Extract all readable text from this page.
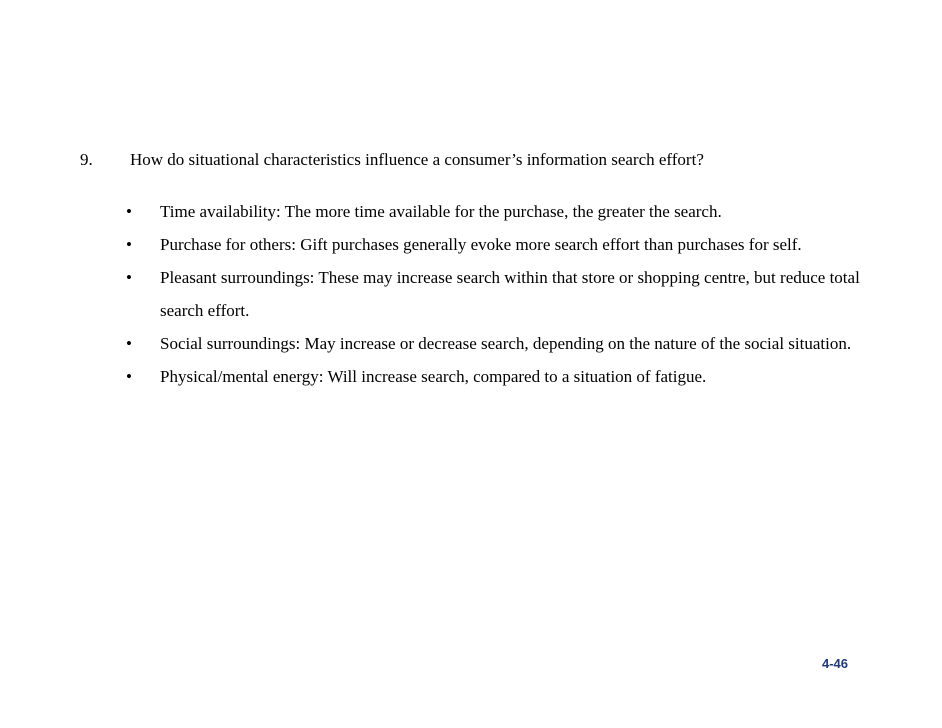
9. How do situational characteristics influence a consumer’s information search effort?
• Time availability: The more time available for the purchase, the greater the search.
• Purchase for others: Gift purchases generally evoke more search effort than purchases for self.
• Pleasant surroundings: These may increase search within that store or shopping centre, but reduce total search effort.
• Social surroundings: May increase or decrease search, depending on the nature of the social situation.
• Physical/mental energy: Will increase search, compared to a situation of fatigue.
4-46
